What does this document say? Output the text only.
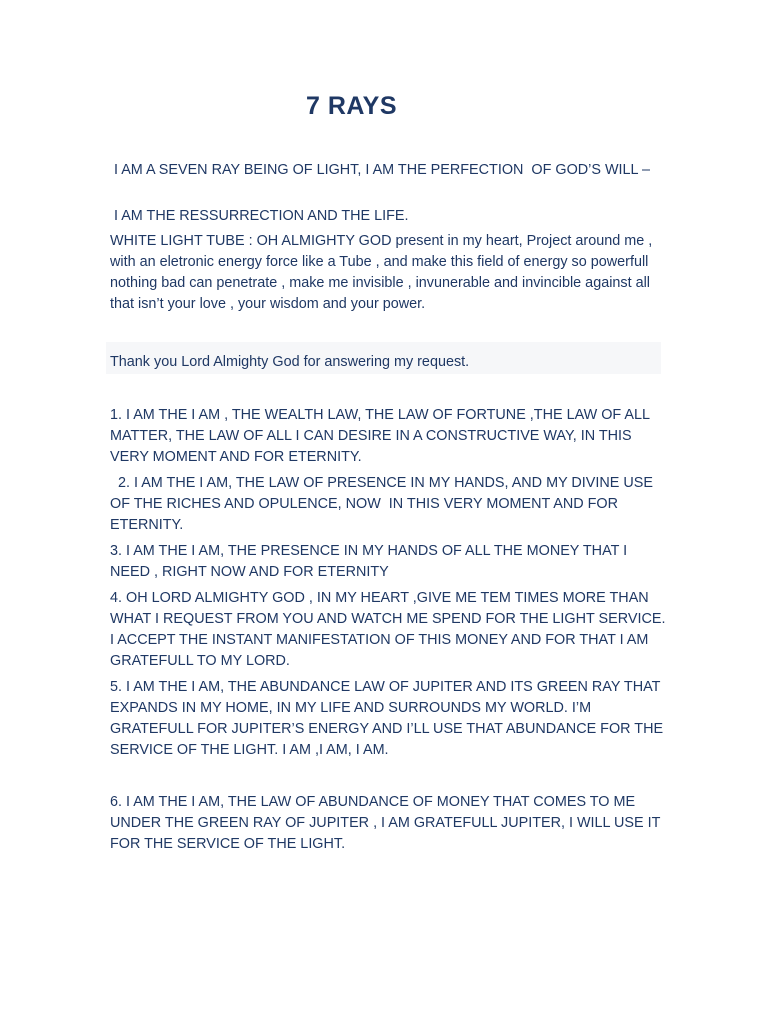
7 RAYS
I AM A SEVEN RAY BEING OF LIGHT, I AM THE PERFECTION  OF GOD’S WILL –
I AM THE RESSURRECTION AND THE LIFE.
WHITE LIGHT TUBE : OH ALMIGHTY GOD present in my heart, Project around me , with an eletronic energy force like a Tube , and make this field of energy so powerfull nothing bad can penetrate , make me invisible , invunerable and invincible against all that isn’t your love , your wisdom and your power.
Thank you Lord Almighty God for answering my request.
1. I AM THE I AM , THE WEALTH LAW, THE LAW OF FORTUNE ,THE LAW OF ALL MATTER, THE LAW OF ALL I CAN DESIRE IN A CONSTRUCTIVE WAY, IN THIS VERY MOMENT AND FOR ETERNITY.
2. I AM THE I AM, THE LAW OF PRESENCE IN MY HANDS, AND MY DIVINE USE OF THE RICHES AND OPULENCE, NOW  IN THIS VERY MOMENT AND FOR ETERNITY.
3. I AM THE I AM, THE PRESENCE IN MY HANDS OF ALL THE MONEY THAT I NEED , RIGHT NOW AND FOR ETERNITY
4. OH LORD ALMIGHTY GOD , IN MY HEART ,GIVE ME TEM TIMES MORE THAN WHAT I REQUEST FROM YOU AND WATCH ME SPEND FOR THE LIGHT SERVICE. I ACCEPT THE INSTANT MANIFESTATION OF THIS MONEY AND FOR THAT I AM GRATEFULL TO MY LORD.
5. I AM THE I AM, THE ABUNDANCE LAW OF JUPITER AND ITS GREEN RAY THAT EXPANDS IN MY HOME, IN MY LIFE AND SURROUNDS MY WORLD. I’M GRATEFULL FOR JUPITER’S ENERGY AND I’LL USE THAT ABUNDANCE FOR THE SERVICE OF THE LIGHT. I AM ,I AM, I AM.
6. I AM THE I AM, THE LAW OF ABUNDANCE OF MONEY THAT COMES TO ME UNDER THE GREEN RAY OF JUPITER , I AM GRATEFULL JUPITER, I WILL USE IT FOR THE SERVICE OF THE LIGHT.
